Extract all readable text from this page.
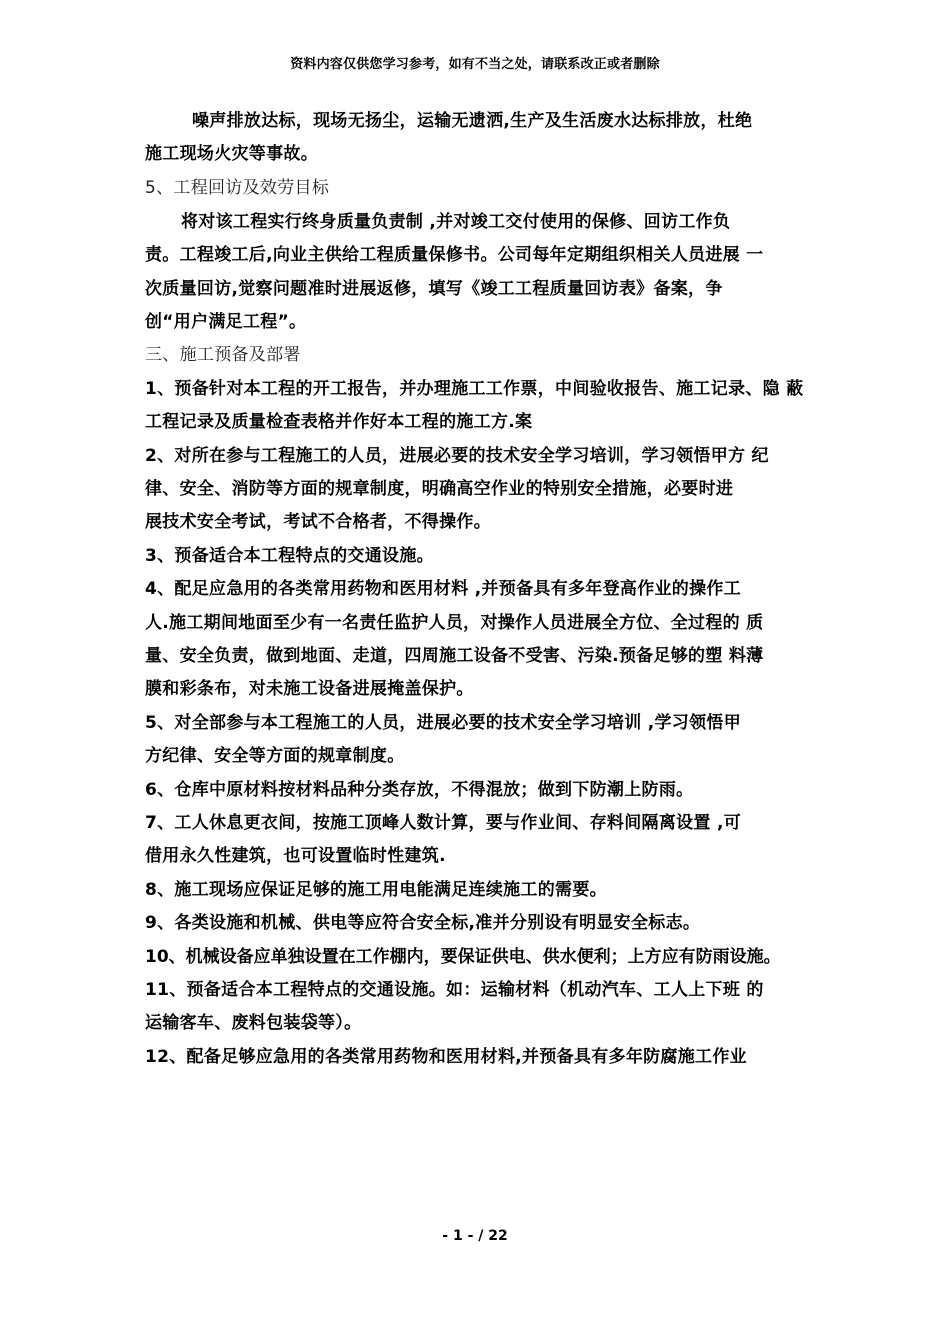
资料内容仅供您学习参考，如有不当之处，请联系改正或者删除
噪声排放达标，现场无扬尘，运输无遗洒,生产及生活废水达标排放，杜绝
施工现场火灾等事故。
5、工程回访及效劳目标
将对该工程实行终身质量负责制 ,并对竣工交付使用的保修、回访工作负
责。工程竣工后,向业主供给工程质量保修书。公司每年定期组织相关人员进展 一
次质量回访,觉察问题准时进展返修，填写《竣工工程质量回访表》备案，争
创“用户满足工程”。
三、施工预备及部署
1、预备针对本工程的开工报告，并办理施工工作票，中间验收报告、施工记录、隐 蔽
工程记录及质量检查表格并作好本工程的施工方.案
2、对所在参与工程施工的人员，进展必要的技术安全学习培训，学习领悟甲方 纪
律、安全、消防等方面的规章制度，明确高空作业的特别安全措施，必要时进
展技术安全考试，考试不合格者，不得操作。
3、预备适合本工程特点的交通设施。
4、配足应急用的各类常用药物和医用材料 ,并预备具有多年登高作业的操作工
人.施工期间地面至少有一名责任监护人员，对操作人员进展全方位、全过程的 质
量、安全负责，做到地面、走道，四周施工设备不受害、污染.预备足够的塑 料薄
膜和彩条布，对未施工设备进展掩盖保护。
5、对全部参与本工程施工的人员，进展必要的技术安全学习培训 ,学习领悟甲
方纪律、安全等方面的规章制度。
6、仓库中原材料按材料品种分类存放，不得混放；做到下防潮上防雨。
7、工人休息更衣间，按施工顶峰人数计算，要与作业间、存料间隔离设置 ,可
借用永久性建筑，也可设置临时性建筑.
8、施工现场应保证足够的施工用电能满足连续施工的需要。
9、各类设施和机械、供电等应符合安全标,准并分别设有明显安全标志。
10、机械设备应单独设置在工作棚内，要保证供电、供水便利；上方应有防雨设施。
11、预备适合本工程特点的交通设施。如：运输材料（机动汽车、工人上下班 的
运输客车、废料包装袋等）。
12、配备足够应急用的各类常用药物和医用材料,并预备具有多年防腐施工作业
- 1 - / 22
